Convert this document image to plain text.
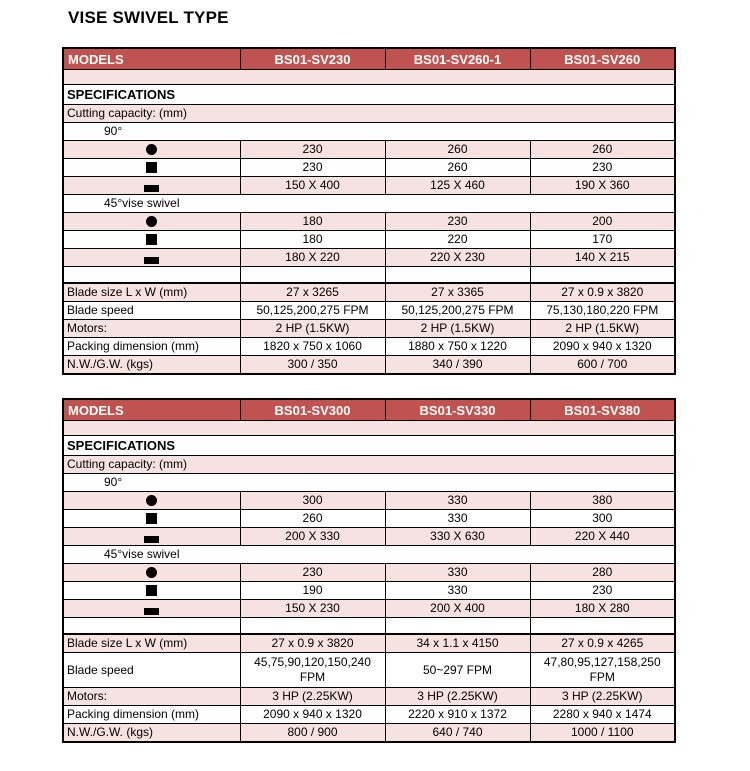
VISE SWIVEL TYPE
MODELS	BS01-SV230	BS01-SV260-1	BS01-SV260

SPECIFICATIONS			
Cutting capacity: (mm)			
90°			
	230	260	260
	230	260	230
	150 X 400	125 X 460	190 X 360
45°vise swivel			
	180	230	200
	180	220	170
	180 X 220	220 X 230	140 X 215

Blade size L x W (mm)	27 x 3265	27 x 3365	27 x 0.9 x 3820
Blade speed	50,125,200,275 FPM	50,125,200,275 FPM	75,130,180,220 FPM
Motors:	2 HP (1.5KW)	2 HP (1.5KW)	2 HP (1.5KW)
Packing dimension (mm)	1820 x 750 x 1060	1880 x 750 x 1220	2090 x 940 x 1320
N.W./G.W. (kgs)	300 / 350	340 / 390	600 / 700
MODELS	BS01-SV300	BS01-SV330	BS01-SV380

SPECIFICATIONS			
Cutting capacity: (mm)			
90°			
	300	330	380
	260	330	300
	200 X 330	330 X 630	220 X 440
45°vise swivel			
	230	330	280
	190	330	230
	150 X 230	200 X 400	180 X 280

Blade size L x W (mm)	27 x 0.9 x 3820	34 x 1.1 x 4150	27 x 0.9 x 4265
Blade speed	45,75,90,120,150,240 FPM	50~297 FPM	47,80,95,127,158,250 FPM
Motors:	3 HP (2.25KW)	3 HP (2.25KW)	3 HP (2.25KW)
Packing dimension (mm)	2090 x 940 x 1320	2220 x 910 x 1372	2280 x 940 x 1474
N.W./G.W. (kgs)	800 / 900	640 / 740	1000 / 1100
